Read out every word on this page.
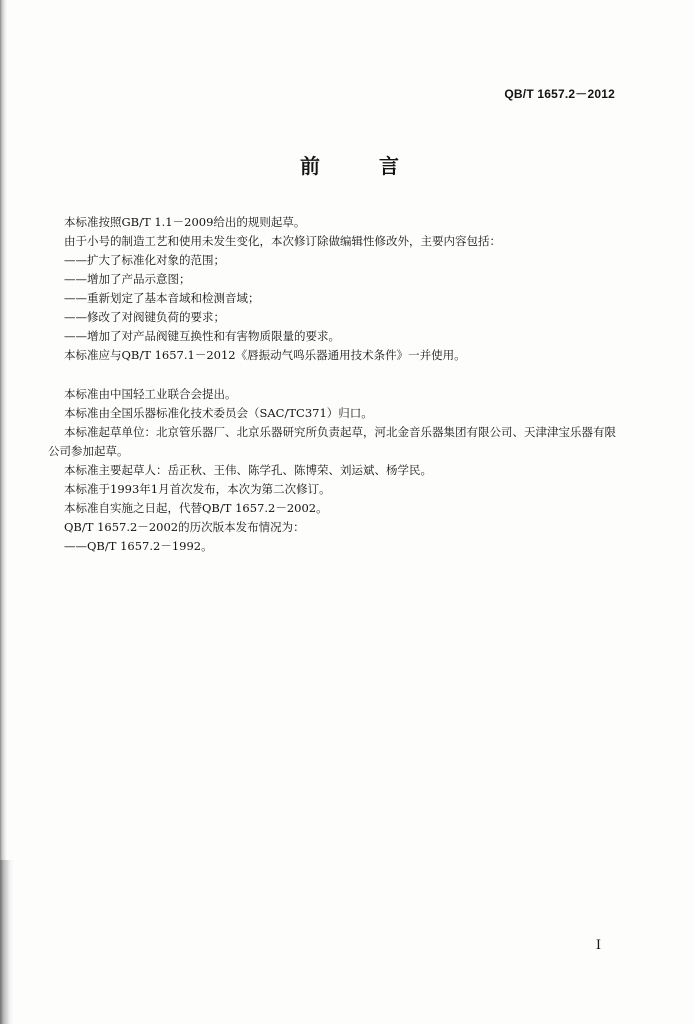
QB/T 1657.2－2012
前 言

本标准按照GB/T 1.1－2009给出的规则起草。

由于小号的制造工艺和使用未发生变化，本次修订除做编辑性修改外，主要内容包括：

——扩大了标准化对象的范围；

——增加了产品示意图；

——重新划定了基本音域和检测音域；

——修改了对阀键负荷的要求；

——增加了对产品阀键互换性和有害物质限量的要求。

本标准应与QB/T 1657.1－2012《唇振动气鸣乐器通用技术条件》一并使用。

本标准由中国轻工业联合会提出。

本标准由全国乐器标准化技术委员会（SAC/TC371）归口。

本标准起草单位：北京管乐器厂、北京乐器研究所负责起草，河北金音乐器集团有限公司、天津津宝乐器有限公司参加起草。

本标准主要起草人：岳正秋、王伟、陈学孔、陈博荣、刘运斌、杨学民。

本标准于1993年1月首次发布，本次为第二次修订。

本标准自实施之日起，代替QB/T 1657.2－2002。

QB/T 1657.2－2002的历次版本发布情况为：

——QB/T 1657.2－1992。

I
